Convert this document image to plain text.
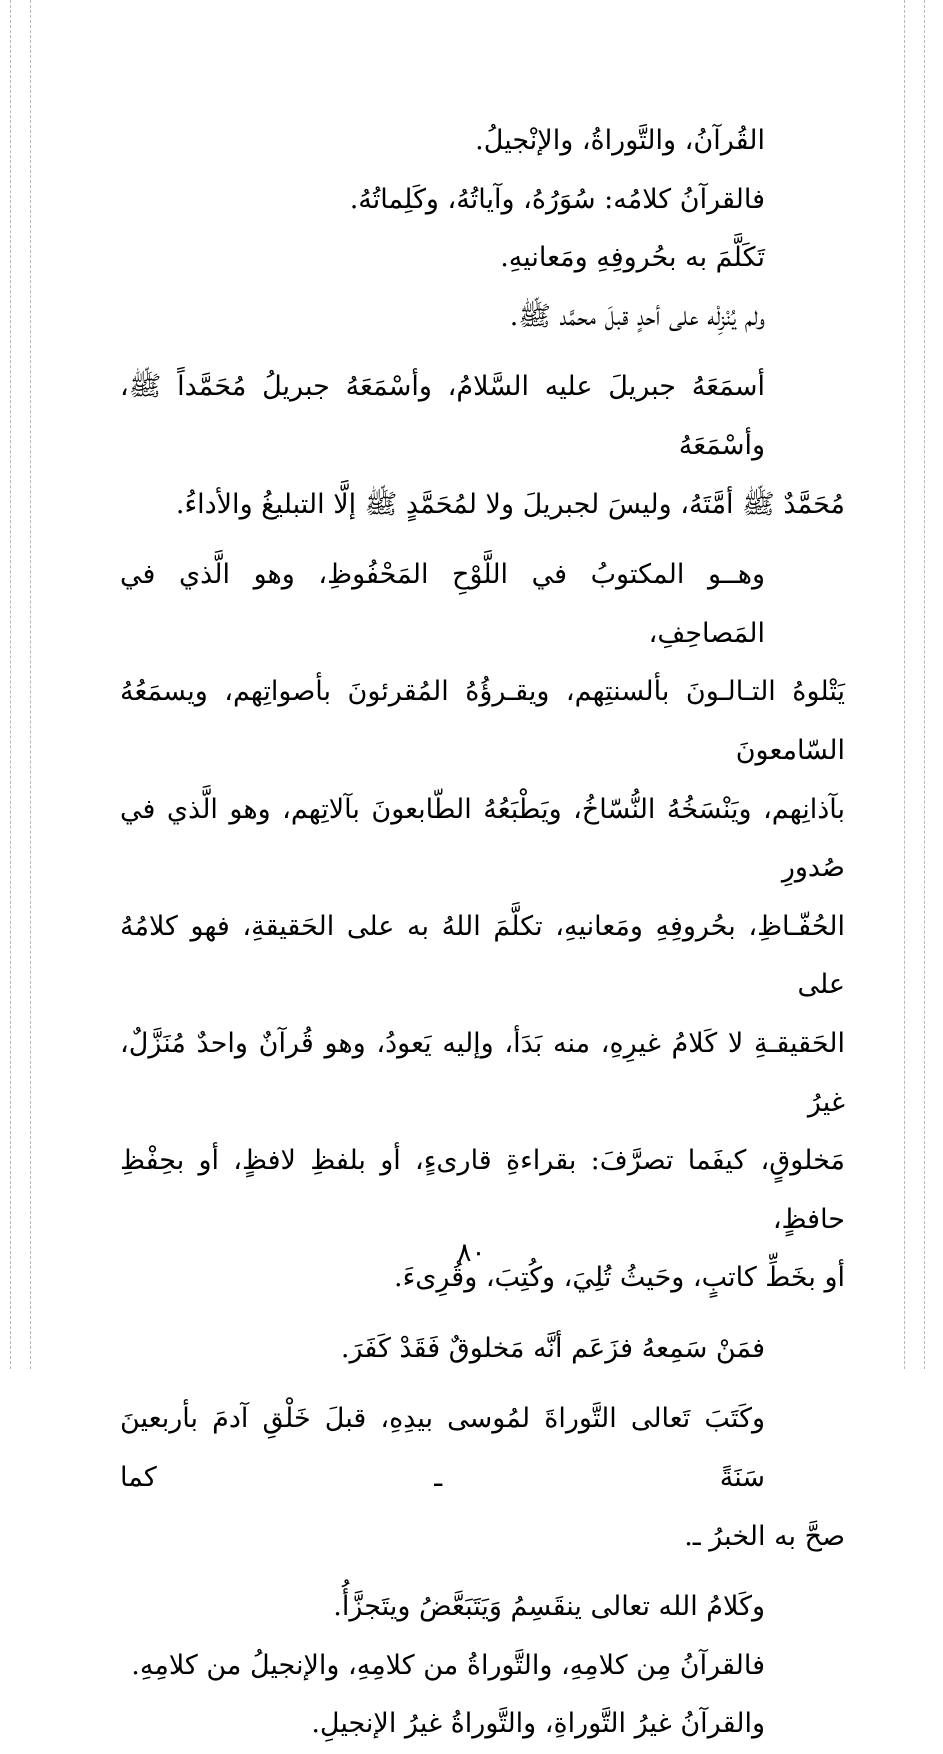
القُرآنُ، والتَّوراةُ، والإنْجيلُ.
فالقرآنُ كلامُه: سُوَرُهُ، وآياتُهُ، وكَلِماتُهُ.
تَكَلَّمَ به بحُروفِهِ ومَعانيهِ.
ولم يُنْزِلْه على أحدٍ قبلَ محمَّد ﷺ.
أسمَعَهُ جبريلَ عليه السَّلامُ، وأسْمَعَهُ جبريلُ مُحَمَّداً ﷺ، وأسْمَعَهُ
مُحَمَّدٌ ﷺ أمَّتَهُ، وليسَ لجبريلَ ولا لمُحَمَّدٍ ﷺ إلَّا التبليغُ والأداءُ.
وهــو المكتوبُ في اللَّوْحِ المَحْفُوظِ، وهو الَّذي في المَصاحِفِ،
يَتْلوهُ التـالـونَ بألسنتِهم، ويقـرؤُهُ المُقرئونَ بأصواتِهم، ويسمَعُهُ السّامعونَ
بآذانِهم، ويَنْسَخُهُ النُّسّاخُ، ويَطْبَعُهُ الطّابعونَ بآلاتِهم، وهو الَّذي في صُدورِ
الحُفّـاظِ، بحُروفِهِ ومَعانيهِ، تكلَّمَ اللهُ به على الحَقيقةِ، فهو كلامُهُ على
الحَقيقـةِ لا كَلامُ غيرِهِ، منه بَدَأ، وإليه يَعودُ، وهو قُرآنٌ واحدٌ مُنَزَّلٌ، غيرُ
مَخلوقٍ، كيفَما تصرَّفَ: بقراءةِ قارىءٍ، أو بلفظِ لافظٍ، أو بحِفْظِ حافظٍ،
أو بخَطِّ كاتبٍ، وحَيثُ تُلِيَ، وكُتِبَ، وقُرِىءَ.
فمَنْ سَمِعهُ فزَعَم أنَّه مَخلوقٌ فَقَدْ كَفَرَ.
وكَتَبَ تَعالى التَّوراةَ لمُوسى بيدِهِ، قبلَ خَلْقِ آدمَ بأربعينَ سَنَةً ـ كما
صحَّ به الخبرُ ـ.
وكَلامُ الله تعالى ينقَسِمُ وَيَتَبَعَّضُ ويتَجزَّأُ.
فالقرآنُ مِن كلامِهِ، والتَّوراةُ من كلامِهِ، والإنجيلُ من كلامِهِ.
والقرآنُ غيرُ التَّوراةِ، والتَّوراةُ غيرُ الإنجيلِ.
٨٠
